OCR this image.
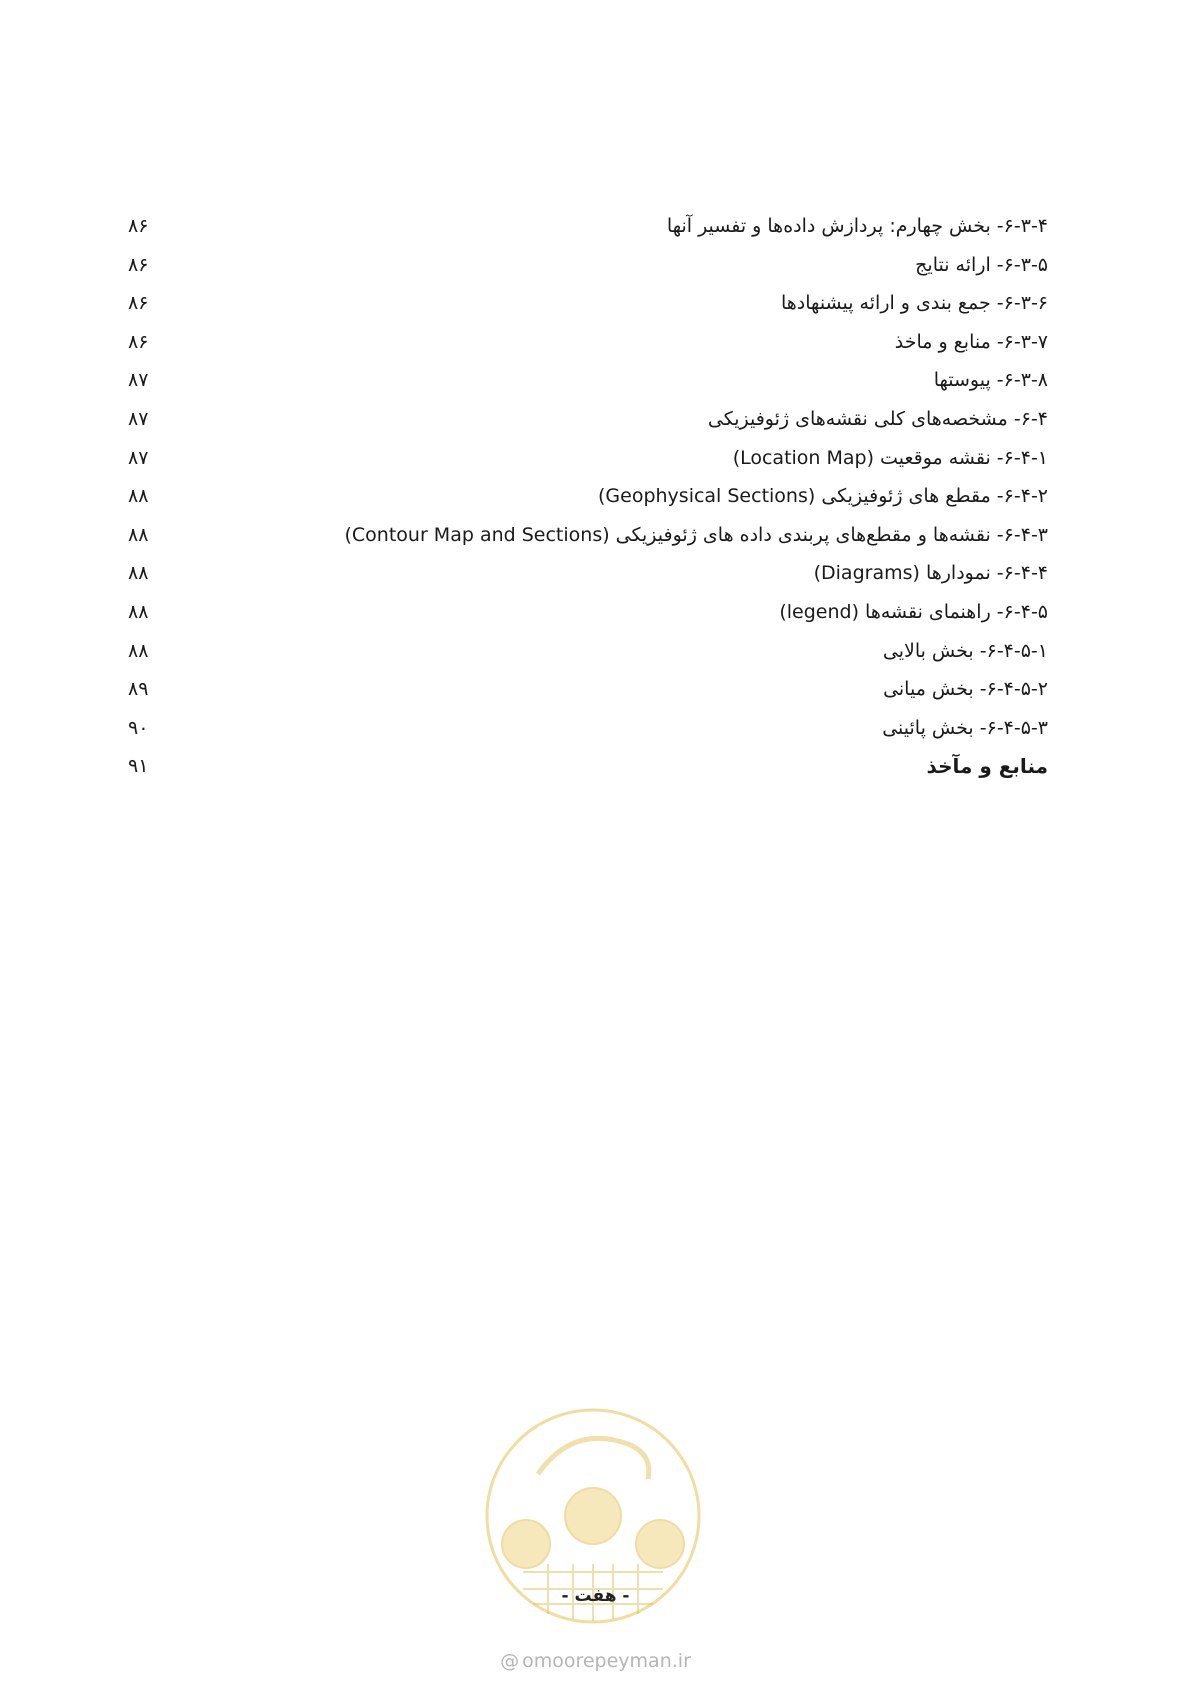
۶-۳-۴- بخش چهارم: پردازش داده‌ها و تفسیر آنها
۸۶
۶-۳-۵- ارائه نتایج
۸۶
۶-۳-۶- جمع بندی و ارائه پیشنهادها
۸۶
۶-۳-۷- منابع و ماخذ
۸۶
۶-۳-۸- پیوستها
۸۷
۶-۴- مشخصه‌های کلی نقشه‌های ژئوفیزیکی
۸۷
۶-۴-۱- نقشه موقعیت (Location Map)
۸۷
۶-۴-۲- مقطع های ژئوفیزیکی (Geophysical Sections)
۸۸
۶-۴-۳- نقشه‌ها و مقطع‌های پربندی داده های ژئوفیزیکی (Contour Map and Sections)
۸۸
۶-۴-۴- نمودارها (Diagrams)
۸۸
۶-۴-۵- راهنمای نقشه‌ها (legend)
۸۸
۶-۴-۵-۱- بخش بالایی
۸۸
۶-۴-۵-۲- بخش میانی
۸۹
۶-۴-۵-۳- بخش پائینی
۹۰
منابع و مآخذ
۹۱
- هفت -
@ omoorepeyman.ir
